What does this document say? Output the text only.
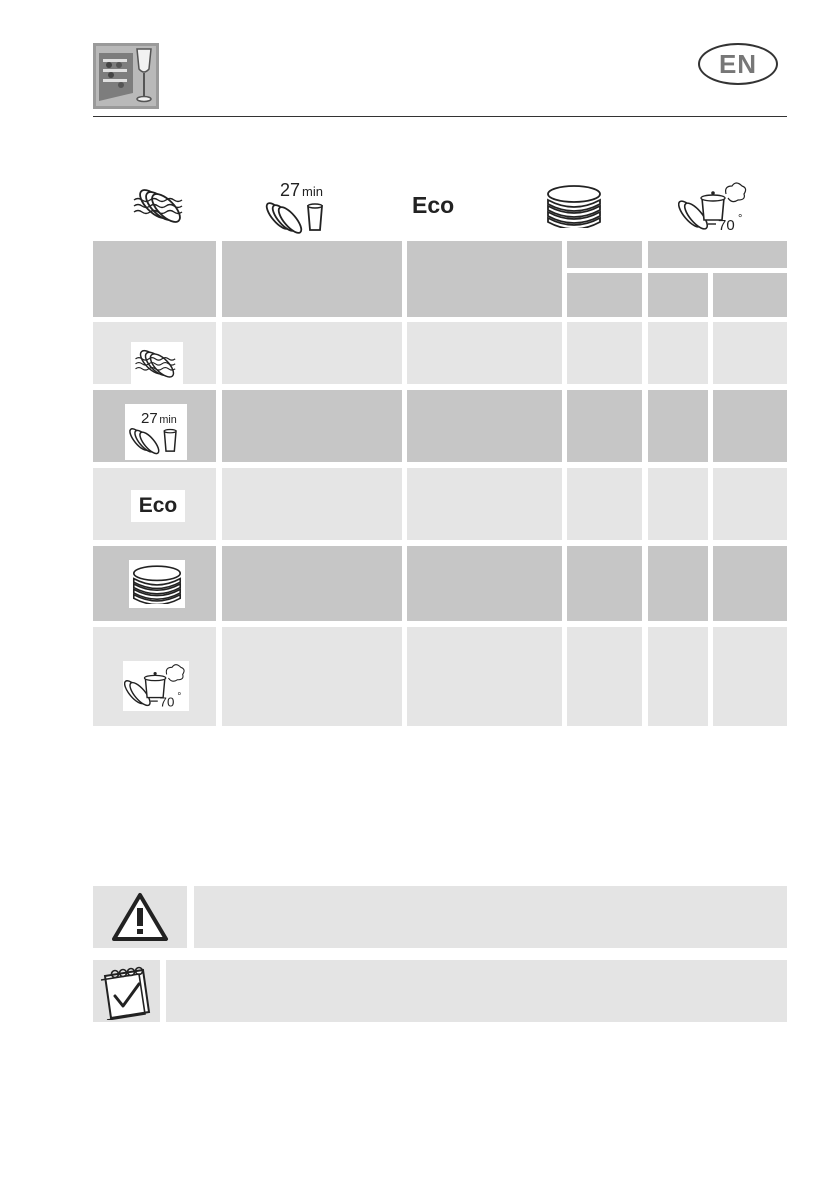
EN
27 min
Eco
70 °
27 min
Eco
70 °
